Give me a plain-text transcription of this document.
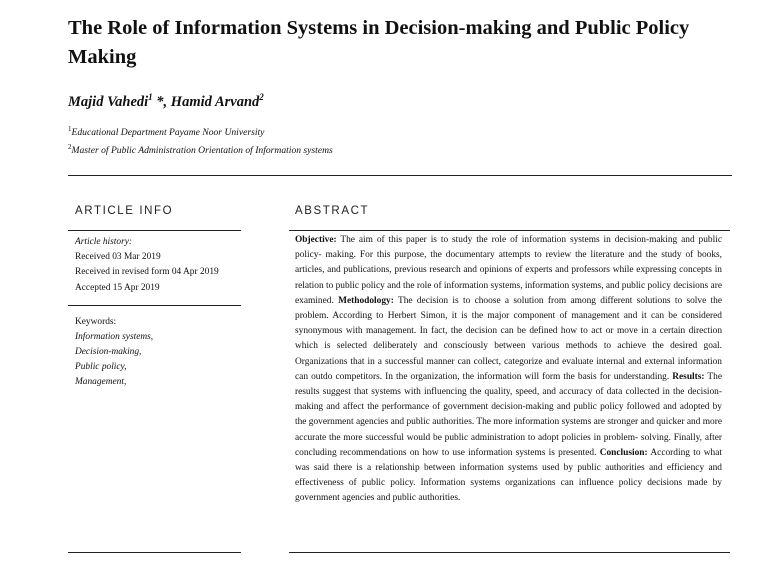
The Role of Information Systems in Decision-making and Public Policy Making
Majid Vahedi$^1$ *, Hamid Arvand$^2$
$^1$Educational Department Payame Noor University
$^2$Master of Public Administration Orientation of Information systems
ARTICLE INFO	ABSTRACT
Article history:
Received 03 Mar 2019
Received in revised form 04 Apr 2019
Accepted 15 Apr 2019
Keywords:
Information systems,
Decision-making,
Public policy,
Management,

Objective: The aim of this paper is to study the role of information systems in decision-making and public policy- making. For this purpose, the documentary attempts to review the literature and the study of books, articles, and publications, previous research and opinions of experts and professors while expressing concepts in relation to public policy and the role of information systems, information systems, and public policy decisions are examined. Methodology: The decision is to choose a solution from among different solutions to solve the problem. According to Herbert Simon, it is the major component of management and it can be considered synonymous with management. In fact, the decision can be defined how to act or move in a certain direction which is selected deliberately and consciously between various methods to achieve the desired goal. Organizations that in a successful manner can collect, categorize and evaluate internal and external information can outdo competitors. In the organization, the information will form the basis for understanding. Results: The results suggest that systems with influencing the quality, speed, and accuracy of data collected in the decision-making and affect the performance of government decision-making and public policy followed and adopted by the government agencies and public authorities. The more information systems are stronger and quicker and more accurate the more successful would be public administration to adopt policies in problem- solving. Finally, after concluding recommendations on how to use information systems is presented. Conclusion: According to what was said there is a relationship between information systems used by public authorities and efficiency and effectiveness of public policy. Information systems organizations can influence policy decisions made by government agencies and public authorities.
